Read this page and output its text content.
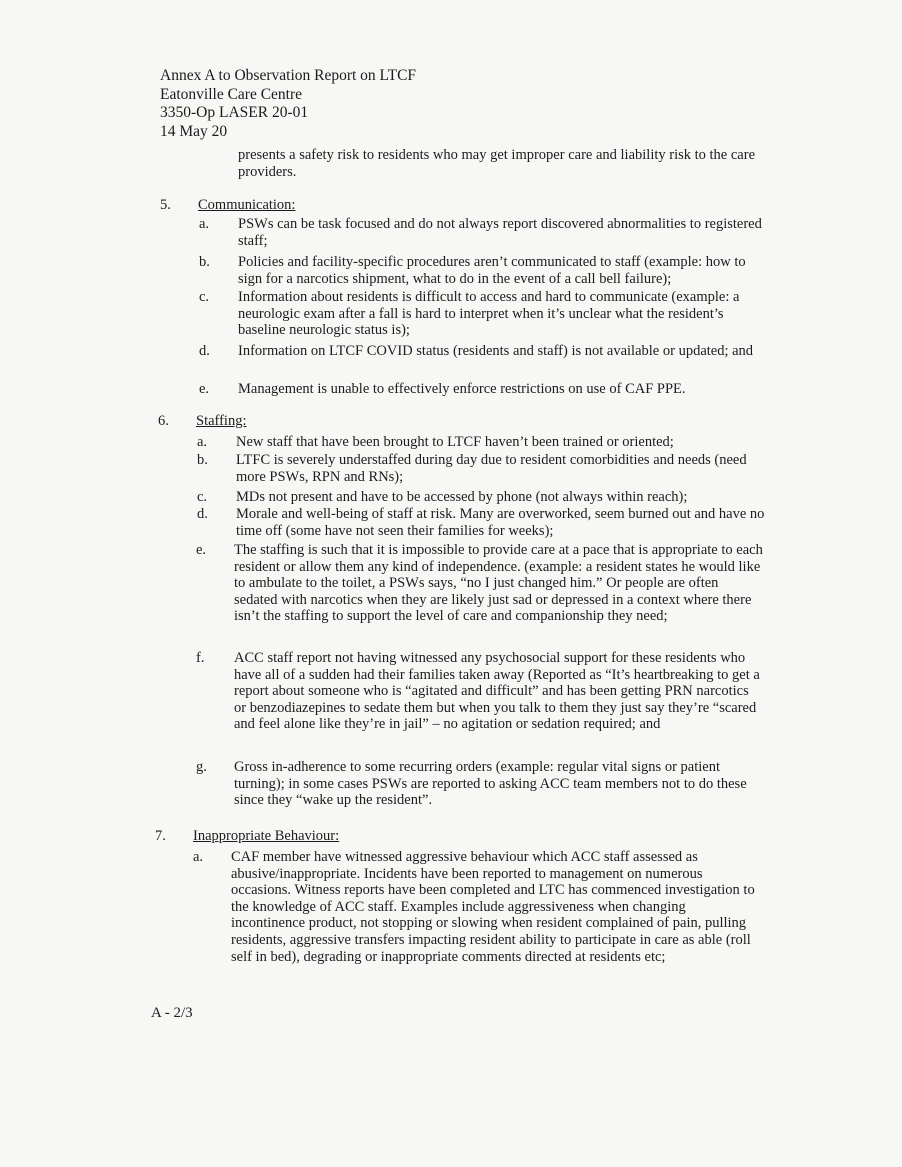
Annex A to Observation Report on LTCF
Eatonville Care Centre
3350-Op LASER 20-01
14 May 20
presents a safety risk to residents who may get improper care and liability risk to the care providers.
5. Communication:
a.	PSWs can be task focused and do not always report discovered abnormalities to registered staff;
b.	Policies and facility-specific procedures aren’t communicated to staff (example: how to sign for a narcotics shipment, what to do in the event of a call bell failure);
c.	Information about residents is difficult to access and hard to communicate (example: a neurologic exam after a fall is hard to interpret when it’s unclear what the resident’s baseline neurologic status is);
d.	Information on LTCF COVID status (residents and staff) is not available or updated; and
e.	Management is unable to effectively enforce restrictions on use of CAF PPE.
6. Staffing:
a.	New staff that have been brought to LTCF haven’t been trained or oriented;
b.	LTFC is severely understaffed during day due to resident comorbidities and needs (need more PSWs, RPN and RNs);
c.	MDs not present and have to be accessed by phone (not always within reach);
d.	Morale and well-being of staff at risk. Many are overworked, seem burned out and have no time off (some have not seen their families for weeks);
e.	The staffing is such that it is impossible to provide care at a pace that is appropriate to each resident or allow them any kind of independence. (example: a resident states he would like to ambulate to the toilet, a PSWs says, “no I just changed him.” Or people are often sedated with narcotics when they are likely just sad or depressed in a context where there isn’t the staffing to support the level of care and companionship they need;
f.	ACC staff report not having witnessed any psychosocial support for these residents who have all of a sudden had their families taken away (Reported as “It’s heartbreaking to get a report about someone who is “agitated and difficult” and has been getting PRN narcotics or benzodiazepines to sedate them but when you talk to them they just say they’re “scared and feel alone like they’re in jail” – no agitation or sedation required; and
g.	Gross in-adherence to some recurring orders (example: regular vital signs or patient turning); in some cases PSWs are reported to asking ACC team members not to do these since they “wake up the resident”.
7. Inappropriate Behaviour:
a.	CAF member have witnessed aggressive behaviour which ACC staff assessed as abusive/inappropriate. Incidents have been reported to management on numerous occasions. Witness reports have been completed and LTC has commenced investigation to the knowledge of ACC staff. Examples include aggressiveness when changing incontinence product, not stopping or slowing when resident complained of pain, pulling residents, aggressive transfers impacting resident ability to participate in care as able (roll self in bed), degrading or inappropriate comments directed at residents etc;
A - 2/3
